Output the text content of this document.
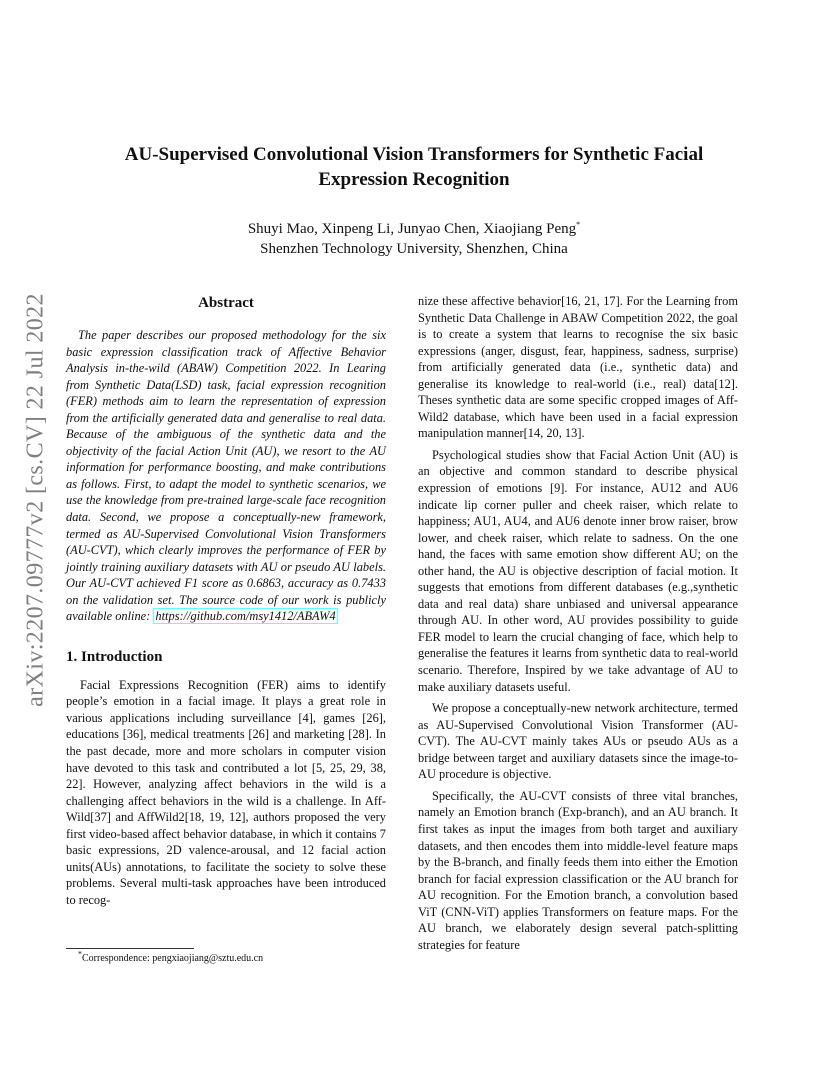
arXiv:2207.09777v2 [cs.CV] 22 Jul 2022
AU-Supervised Convolutional Vision Transformers for Synthetic Facial
Expression Recognition
Shuyi Mao, Xinpeng Li, Junyao Chen, Xiaojiang Peng*
Shenzhen Technology University, Shenzhen, China
Abstract

The paper describes our proposed methodology for the six basic expression classification track of Affective Behavior Analysis in-the-wild (ABAW) Competition 2022. In Learing from Synthetic Data(LSD) task, facial expression recognition (FER) methods aim to learn the representation of expression from the artificially generated data and generalise to real data. Because of the ambiguous of the synthetic data and the objectivity of the facial Action Unit (AU), we resort to the AU information for performance boosting, and make contributions as follows. First, to adapt the model to synthetic scenarios, we use the knowledge from pre-trained large-scale face recognition data. Second, we propose a conceptually-new framework, termed as AU-Supervised Convolutional Vision Transformers (AU-CVT), which clearly improves the performance of FER by jointly training auxiliary datasets with AU or pseudo AU labels. Our AU-CVT achieved F1 score as 0.6863, accuracy as 0.7433 on the validation set. The source code of our work is publicly available online: https://github.com/msy1412/ABAW4

1. Introduction

Facial Expressions Recognition (FER) aims to identify people’s emotion in a facial image. It plays a great role in various applications including surveillance [4], games [26], educations [36], medical treatments [26] and marketing [28]. In the past decade, more and more scholars in computer vision have devoted to this task and contributed a lot [5, 25, 29, 38, 22]. However, analyzing affect behaviors in the wild is a challenging affect behaviors in the wild is a challenge. In Aff-Wild[37] and AffWild2[18, 19, 12], authors proposed the very first video-based affect behavior database, in which it contains 7 basic expressions, 2D valence-arousal, and 12 facial action units(AUs) annotations, to facilitate the society to solve these problems. Several multi-task approaches have been introduced to recog-

nize these affective behavior[16, 21, 17]. For the Learning from Synthetic Data Challenge in ABAW Competition 2022, the goal is to create a system that learns to recognise the six basic expressions (anger, disgust, fear, happiness, sadness, surprise) from artificially generated data (i.e., synthetic data) and generalise its knowledge to real-world (i.e., real) data[12]. Theses synthetic data are some specific cropped images of Aff-Wild2 database, which have been used in a facial expression manipulation manner[14, 20, 13].

Psychological studies show that Facial Action Unit (AU) is an objective and common standard to describe physical expression of emotions [9]. For instance, AU12 and AU6 indicate lip corner puller and cheek raiser, which relate to happiness; AU1, AU4, and AU6 denote inner brow raiser, brow lower, and cheek raiser, which relate to sadness. On the one hand, the faces with same emotion show different AU; on the other hand, the AU is objective description of facial motion. It suggests that emotions from different databases (e.g.,synthetic data and real data) share unbiased and universal appearance through AU. In other word, AU provides possibility to guide FER model to learn the crucial changing of face, which help to generalise the features it learns from synthetic data to real-world scenario. Therefore, Inspired by we take advantage of AU to make auxiliary datasets useful.

We propose a conceptually-new network architecture, termed as AU-Supervised Convolutional Vision Transformer (AU-CVT). The AU-CVT mainly takes AUs or pseudo AUs as a bridge between target and auxiliary datasets since the image-to-AU procedure is objective.

Specifically, the AU-CVT consists of three vital branches, namely an Emotion branch (Exp-branch), and an AU branch. It first takes as input the images from both target and auxiliary datasets, and then encodes them into middle-level feature maps by the B-branch, and finally feeds them into either the Emotion branch for facial expression classification or the AU branch for AU recognition. For the Emotion branch, a convolution based ViT (CNN-ViT) applies Transformers on feature maps. For the AU branch, we elaborately design several patch-splitting strategies for feature

*Correspondence: pengxiaojiang@sztu.edu.cn
